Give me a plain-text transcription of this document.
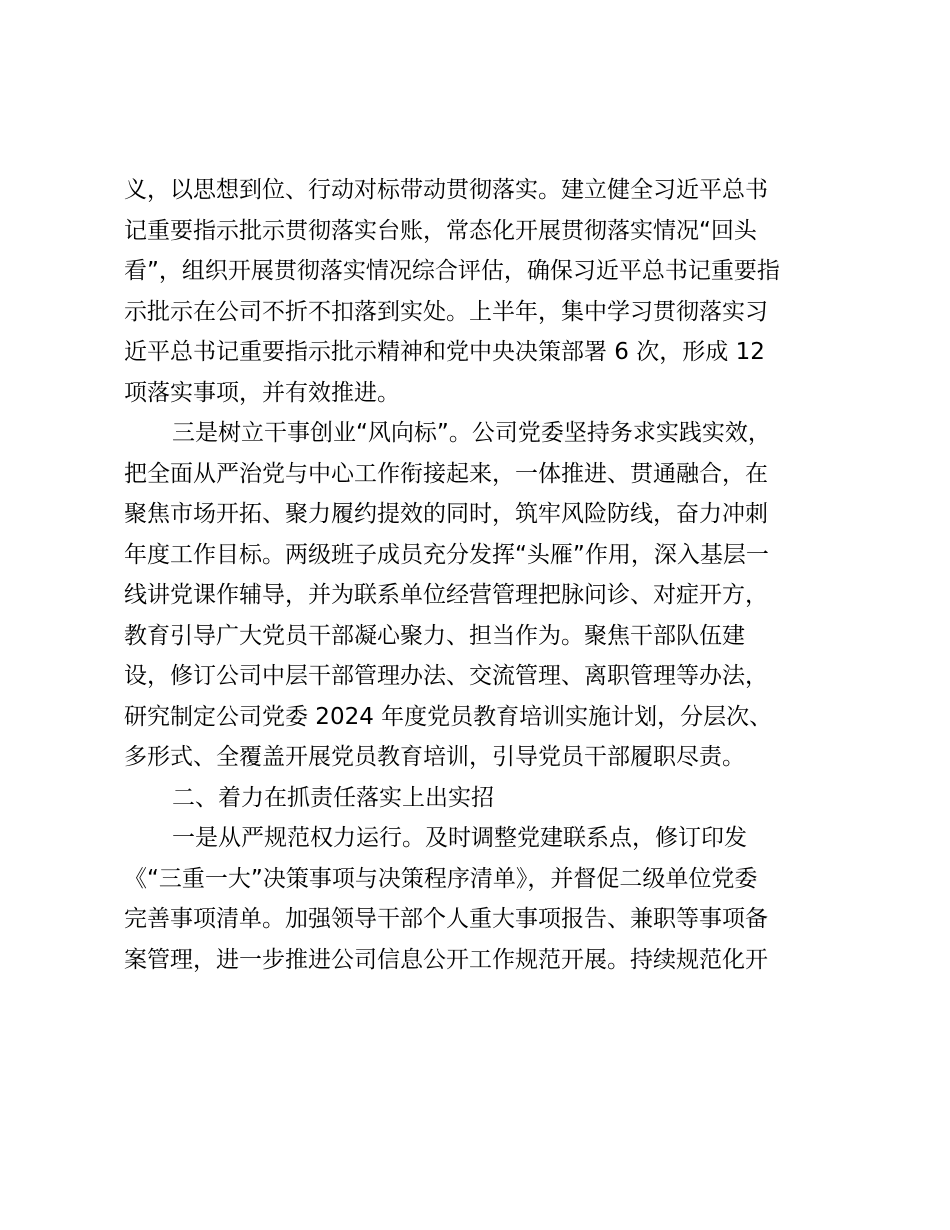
义，以思想到位、行动对标带动贯彻落实。建立健全习近平总书
记重要指示批示贯彻落实台账，常态化开展贯彻落实情况“回头
看”，组织开展贯彻落实情况综合评估，确保习近平总书记重要指
示批示在公司不折不扣落到实处。上半年，集中学习贯彻落实习
近平总书记重要指示批示精神和党中央决策部署 6 次，形成 12
项落实事项，并有效推进。
三是树立干事创业“风向标”。公司党委坚持务求实践实效，
把全面从严治党与中心工作衔接起来，一体推进、贯通融合，在
聚焦市场开拓、聚力履约提效的同时，筑牢风险防线，奋力冲刺
年度工作目标。两级班子成员充分发挥“头雁”作用，深入基层一
线讲党课作辅导，并为联系单位经营管理把脉问诊、对症开方，
教育引导广大党员干部凝心聚力、担当作为。聚焦干部队伍建
设，修订公司中层干部管理办法、交流管理、离职管理等办法，
研究制定公司党委 2024 年度党员教育培训实施计划，分层次、
多形式、全覆盖开展党员教育培训，引导党员干部履职尽责。
二、着力在抓责任落实上出实招
一是从严规范权力运行。及时调整党建联系点，修订印发
《“三重一大”决策事项与决策程序清单》，并督促二级单位党委
完善事项清单。加强领导干部个人重大事项报告、兼职等事项备
案管理，进一步推进公司信息公开工作规范开展。持续规范化开
